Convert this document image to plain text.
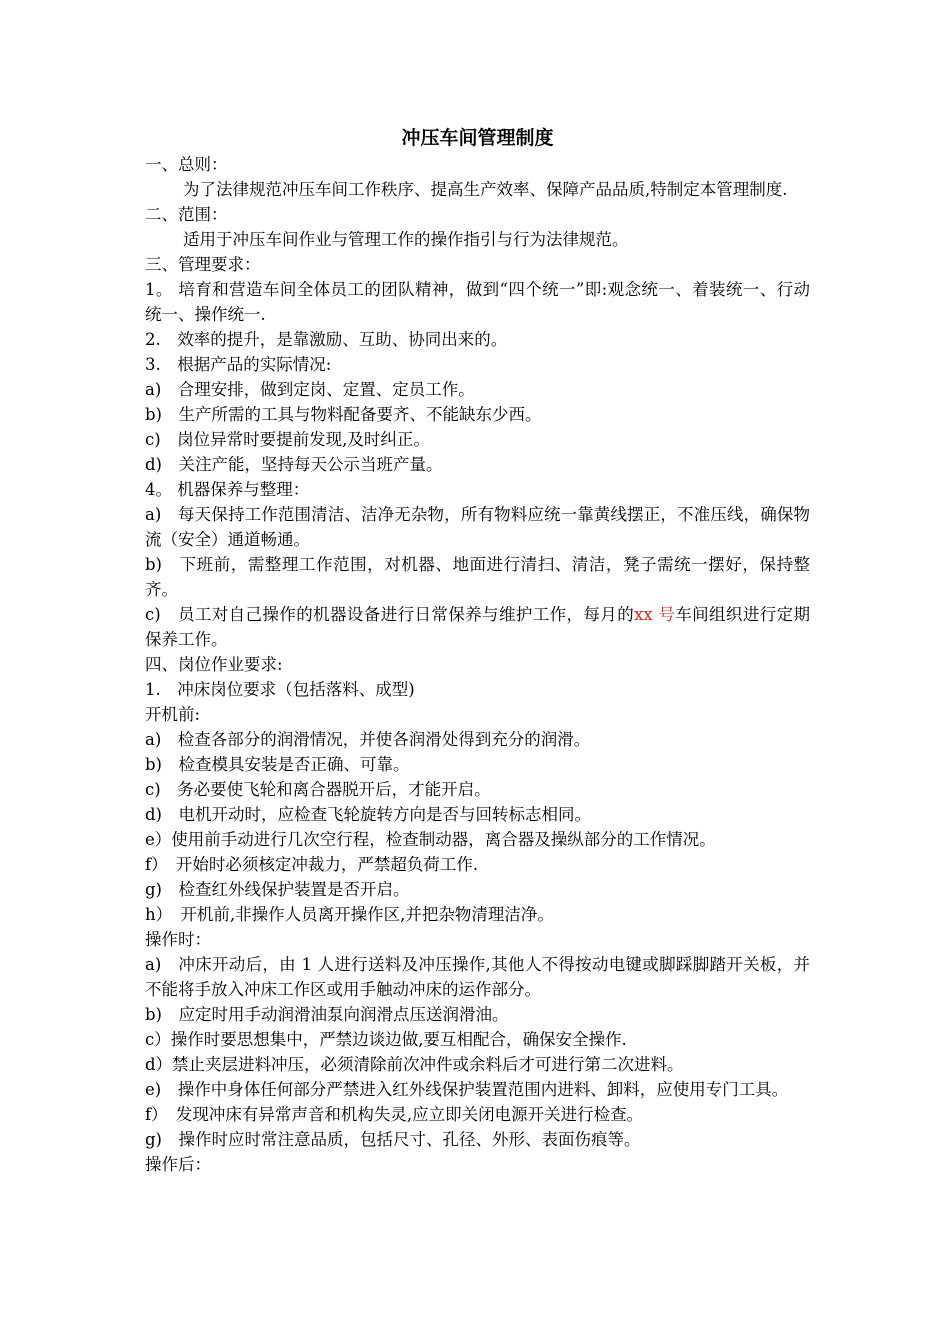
冲压车间管理制度

一、总则：

为了法律规范冲压车间工作秩序、提高生产效率、保障产品品质,特制定本管理制度.

二、范围：

适用于冲压车间作业与管理工作的操作指引与行为法律规范。

三、管理要求：

1。 培育和营造车间全体员工的团队精神，做到“四个统一”即:观念统一、着装统一、行动统一、操作统一.

2.　效率的提升，是靠激励、互助、协同出来的。

3.　根据产品的实际情况:

a)　合理安排，做到定岗、定置、定员工作。

b)　生产所需的工具与物料配备要齐、不能缺东少西。

c)　岗位异常时要提前发现,及时纠正。

d)　关注产能，坚持每天公示当班产量。

4。 机器保养与整理：

a)　每天保持工作范围清洁、洁净无杂物，所有物料应统一靠黄线摆正，不准压线，确保物流（安全）通道畅通。

b)　下班前，需整理工作范围，对机器、地面进行清扫、清洁，凳子需统一摆好，保持整齐。

c)　员工对自己操作的机器设备进行日常保养与维护工作，每月的xx 号车间组织进行定期保养工作。

四、岗位作业要求:

1.　冲床岗位要求（包括落料、成型)

开机前:

a)　检查各部分的润滑情况，并使各润滑处得到充分的润滑。

b)　检查模具安装是否正确、可靠。

c)　务必要使飞轮和离合器脱开后，才能开启。

d)　电机开动时，应检查飞轮旋转方向是否与回转标志相同。

e）使用前手动进行几次空行程，检查制动器，离合器及操纵部分的工作情况。

f）　开始时必须核定冲裁力，严禁超负荷工作.

g)　检查红外线保护装置是否开启。

h）　开机前,非操作人员离开操作区,并把杂物清理洁净。

操作时：

a)　冲床开动后，由 1 人进行送料及冲压操作,其他人不得按动电键或脚踩脚踏开关板，并不能将手放入冲床工作区或用手触动冲床的运作部分。

b)　应定时用手动润滑油泵向润滑点压送润滑油。

c）操作时要思想集中，严禁边谈边做,要互相配合，确保安全操作.

d）禁止夹层进料冲压，必须清除前次冲件或余料后才可进行第二次进料。

e)　操作中身体任何部分严禁进入红外线保护装置范围内进料、卸料，应使用专门工具。

f）　发现冲床有异常声音和机构失灵,应立即关闭电源开关进行检查。

g)　操作时应时常注意品质，包括尺寸、孔径、外形、表面伤痕等。

操作后：
